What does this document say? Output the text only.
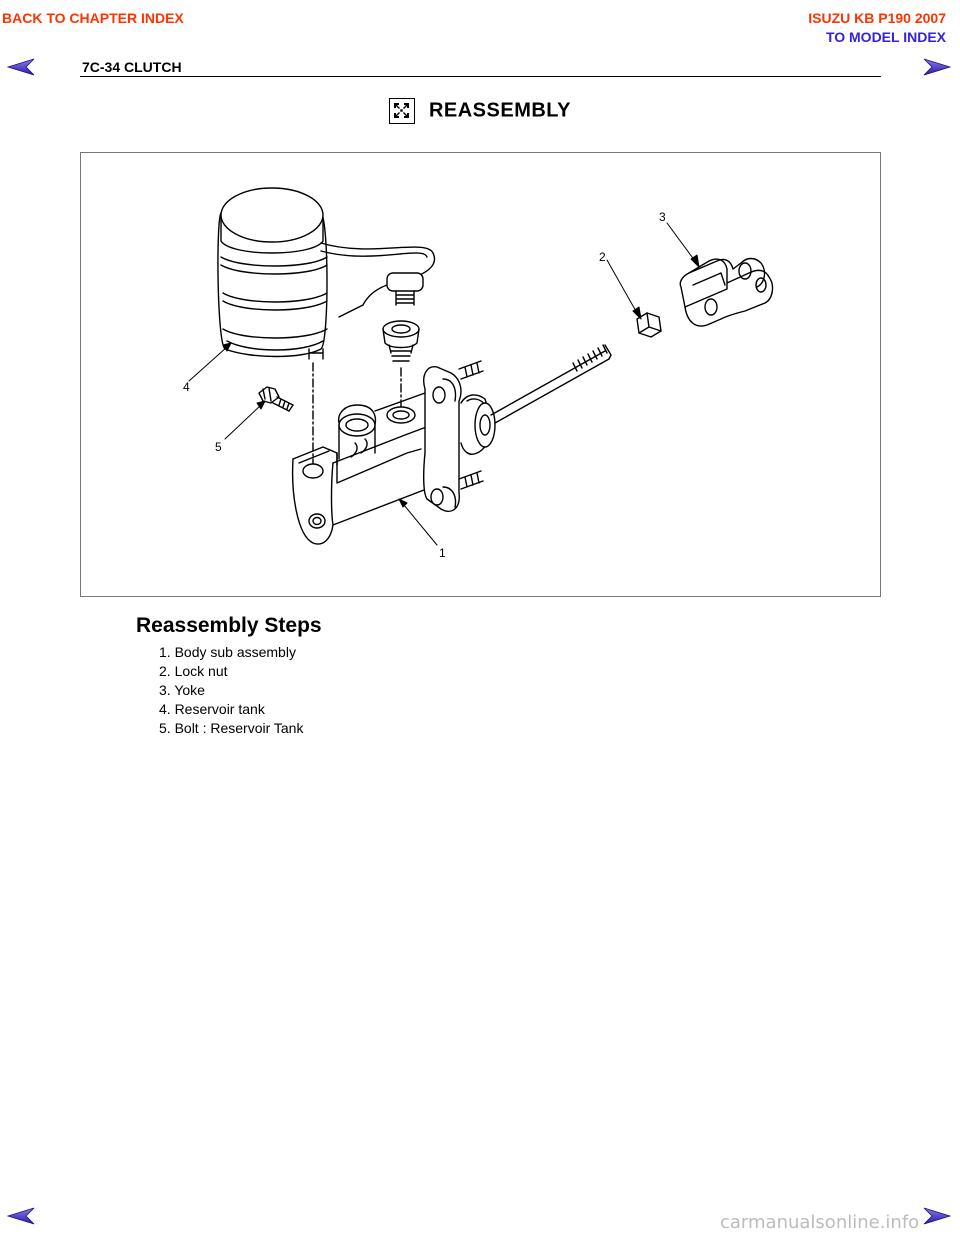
BACK TO CHAPTER INDEX	ISUZU KB P190 2007
TO MODEL INDEX
7C-34 CLUTCH
REASSEMBLY
1
2
3
4
5
Reassembly Steps
1. Body sub assembly
2. Lock nut
3. Yoke
4. Reservoir tank
5. Bolt : Reservoir Tank
carmanualsonline.info
